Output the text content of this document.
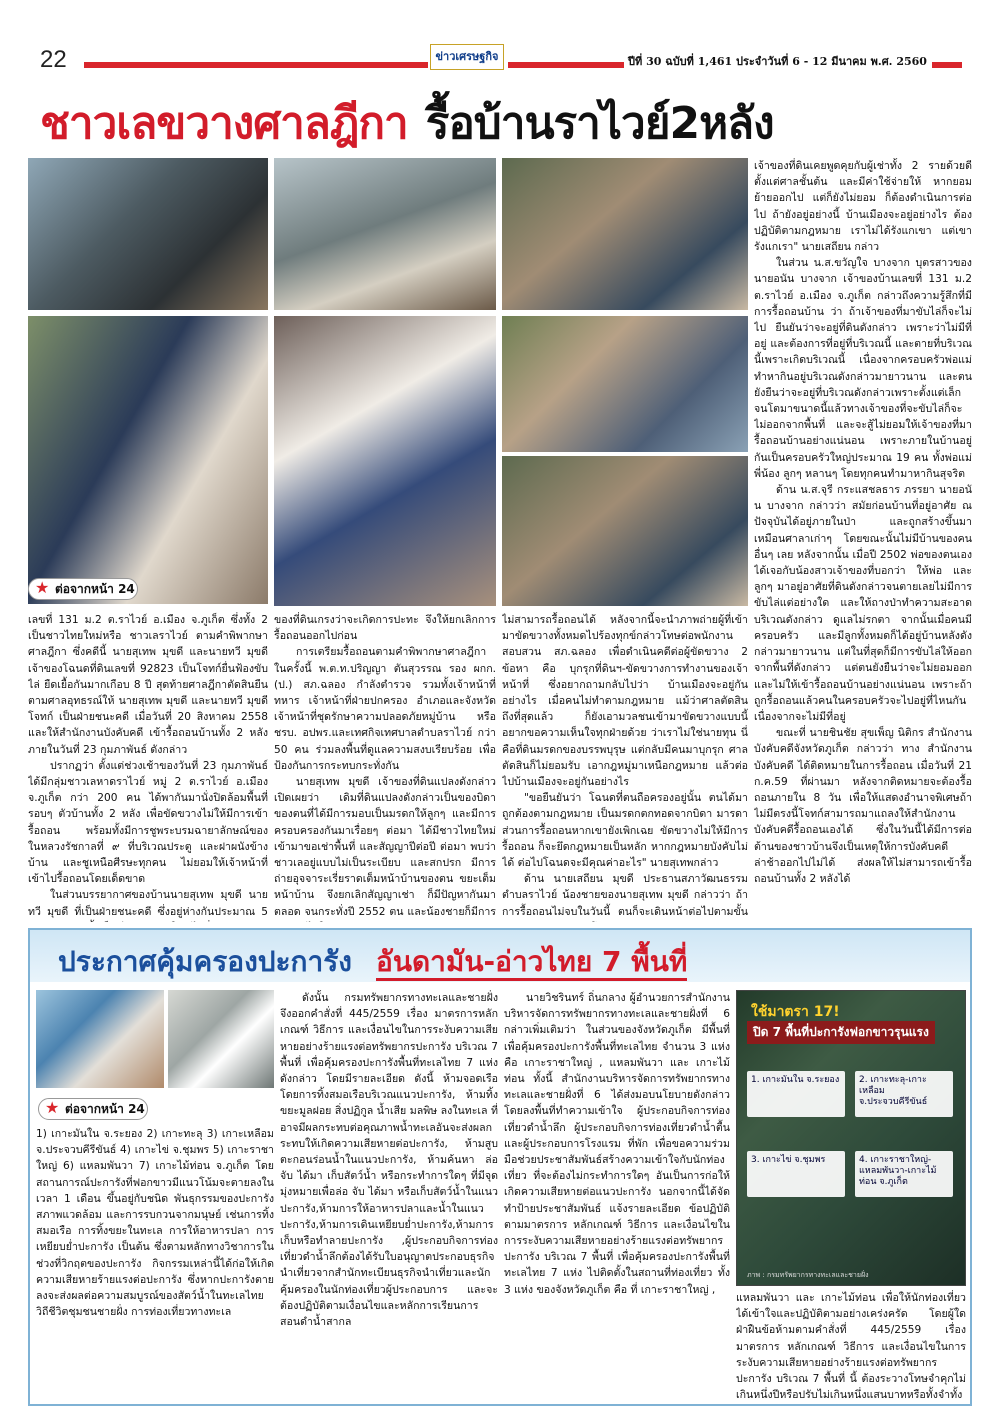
22	ข่าวเศรษฐกิจ	ปีที่ 30 ฉบับที่ 1,461 ประจำวันที่ 6 - 12 มีนาคม พ.ศ. 2560
ชาวเลขวางศาลฎีกา รื้อบ้านราไวย์2หลัง
★ ต่อจากหน้า 24

เลขที่ 131 ม.2 ต.ราไวย์ อ.เมือง จ.ภูเก็ต ซึ่งทั้ง 2 เป็นชาวไทยใหม่หรือ ชาวเลราไวย์ ตามคำพิพากษา ศาลฎีกา ซึ่งคดีนี้ นายสุเทพ มุขดี และนายทวี มุขดี เจ้าของโฉนดที่ดินเลขที่ 92823 เป็นโจทก์ยื่นฟ้องขับไล่ ยืดเยื้อกันมากเกือบ 8 ปี สุดท้ายศาลฎีกาตัดสินยืนตามศาลอุทธรณ์ให้ นายสุเทพ มุขดี และนายทวี มุขดี โจทก์ เป็นฝ่ายชนะคดี เมื่อวันที่ 20 สิงหาคม 2558 และให้สำนักงานบังคับคดี เข้ารื้อถอนบ้านทั้ง 2 หลังภายในวันที่ 23 กุมภาพันธ์ ดังกล่าว

ปรากฏว่า ตั้งแต่ช่วงเช้าของวันที่ 23 กุมภาพันธ์ ได้มีกลุ่มชาวเลหาดราไวย์ หมู่ 2 ต.ราไวย์ อ.เมือง จ.ภูเก็ต กว่า 200 คน ได้พากันมานั่งปิดล้อมพื้นที่รอบๆ ตัวบ้านทั้ง 2 หลัง เพื่อขัดขวางไม่ให้มีการเข้ารื้อถอน พร้อมทั้งมีการชูพระบรมฉายาลักษณ์ของในหลวงรัชกาลที่ ๙ ที่บริเวณประตู และฝาผนังข้างบ้าน และชูเหนือศีรษะทุกคน ไม่ยอมให้เจ้าหน้าที่เข้าไปรื้อถอนโดยเด็ดขาด

ในส่วนบรรยากาศของบ้านนายสุเทพ มุขดี นายทวี มุขดี ที่เป็นฝ่ายชนะคดี ซึ่งอยู่ห่างกันประมาณ 5

ของที่ดินเกรงว่าจะเกิดการปะทะ จึงให้ยกเลิกการรื้อถอนออกไปก่อน

การเตรียมรื้อถอนตามคำพิพากษาศาลฎีกาในครั้งนี้ พ.ต.ท.ปริญญา ตันสุวรรณ รอง ผกก.(ป.) สภ.ฉลอง กำลังตำรวจ รวมทั้งเจ้าหน้าที่ทหาร เจ้าหน้าที่ฝ่ายปกครอง อำเภอและจังหวัด เจ้าหน้าที่ชุดรักษาความปลอดภัยหมู่บ้าน หรือ ชรบ. อปพร.และเทศกิจเทศบาลตำบลราไวย์ กว่า 50 คน ร่วมลงพื้นที่ดูแลความสงบเรียบร้อย เพื่อป้องกันการกระทบกระทั่งกัน

นายสุเทพ มุขดี เจ้าของที่ดินแปลงดังกล่าวเปิดเผยว่า เดิมที่ดินแปลงดังกล่าวเป็นของบิดาของตนที่ได้มีการมอบเป็นมรดกให้ลูกๆ และมีการครอบครองกันมาเรื่อยๆ ต่อมา ได้มีชาวไทยใหม่เข้ามาขอเช่าพื้นที่ และสัญญาปีต่อปี ต่อมา พบว่าชาวเลอยู่แบบไม่เป็นระเบียบ และสกปรก มีการถ่ายอุจจาระเรี่ยราดเต็มหน้าบ้านของตน ขยะเต็มหน้าบ้าน จึงยกเลิกสัญญาเช่า ก็มีปัญหากันมาตลอด จนกระทั่งปี 2552 ตน และน้องชายก็มีการ

ไม่สามารถรื้อถอนได้ หลังจากนี้จะนำภาพถ่ายผู้ที่เข้ามาขัดขวางทั้งหมดไปร้องทุกข์กล่าวโทษต่อพนักงานสอบสวน สภ.ฉลอง เพื่อดำเนินคดีต่อผู้ขัดขวาง 2 ข้อหา คือ บุกรุกที่ดินฯ-ขัดขวางการทำงานของเจ้าหน้าที่ ซึ่งอยากถามกลับไปว่า บ้านเมืองจะอยู่กันอย่างไร เมื่อคนไม่ทำตามกฎหมาย แม้ว่าศาลตัดสินถึงที่สุดแล้ว ก็ยังเอามวลชนเข้ามาขัดขวางแบบนี้ อยากขอความเห็นใจทุกฝ่ายด้วย ว่าเราไม่ใช่นายทุน นี่คือที่ดินมรดกของบรรพบุรุษ แต่กลับมีคนมาบุกรุก ศาลตัดสินก็ไม่ยอมรับ เอากฎหมู่มาเหนือกฎหมาย แล้วต่อไปบ้านเมืองจะอยู่กันอย่างไร

"ขอยืนยันว่า โฉนดที่ตนถือครองอยู่นั้น ตนได้มาถูกต้องตามกฎหมาย เป็นมรดกตกทอดจากบิดา มารดา ส่วนการรื้อถอนหากเขายังเพิกเฉย ขัดขวางไม่ให้มีการรื้อถอน ก็จะยึดกฎหมายเป็นหลัก หากกฎหมายบังคับไม่ได้ ต่อไปโฉนดจะมีคุณค่าอะไร" นายสุเทพกล่าว

ด้าน นายเสถียน มุขดี ประธานสภาวัฒนธรรม ตำบลราไวย์ น้องชายของนายสุเทพ มุขดี กล่าวว่า ถ้าการรื้อถอนไม่จบในวันนี้ ตนก็จะเดินหน้าต่อไปตามขั้น

เจ้าของที่ดินเคยพูดคุยกับผู้เช่าทั้ง 2 รายด้วยดีตั้งแต่ศาลชั้นต้น และมีค่าใช้จ่ายให้ หากยอมย้ายออกไป แต่ก็ยังไม่ยอม ก็ต้องดำเนินการต่อไป ถ้ายังอยู่อย่างนี้ บ้านเมืองจะอยู่อย่างไร ต้องปฏิบัติตามกฎหมาย เราไม่ได้รังแกเขา แต่เขารังแกเรา" นายเสถียน กล่าว

ในส่วน น.ส.ขวัญใจ บางจาก บุตรสาวของ นายอนัน บางจาก เจ้าของบ้านเลขที่ 131 ม.2 ต.ราไวย์ อ.เมือง จ.ภูเก็ต กล่าวถึงความรู้สึกที่มีการรื้อถอนบ้าน ว่า ถ้าเจ้าของที่มาขับไล่ก็จะไม่ไป ยืนยันว่าจะอยู่ที่ดินดังกล่าว เพราะว่าไม่มีที่อยู่ และต้องการที่อยู่ที่บริเวณนี้ และตายที่บริเวณนี้เพราะเกิดบริเวณนี้ เนื่องจากครอบครัวพ่อแม่ทำหากินอยู่บริเวณดังกล่าวมายาวนาน และตนยังยืนว่าจะอยู่ที่บริเวณดังกล่าวเพราะตั้งแต่เล็กจนโตมาขนาดนี้แล้วทางเจ้าของที่จะขับไล่ก็จะไม่ออกจากพื้นที่ และจะสู้ไม่ยอมให้เจ้าของที่มารื้อถอนบ้านอย่างแน่นอน เพราะภายในบ้านอยู่กันเป็นครอบครัวใหญ่ประมาณ 19 คน ทั้งพ่อแม่ พี่น้อง ลูกๆ หลานๆ โดยทุกคนทำมาหากินสุจริต

ด้าน น.ส.จุรี กระแสชลธาร ภรรยา นายอนัน บางจาก กล่าวว่า สมัยก่อนบ้านที่อยู่อาศัย ณ ปัจจุบันได้อยู่ภายในป่า และถูกสร้างขึ้นมาเหมือนศาลาเก่าๆ โดยขณะนั้นไม่มีบ้านของคนอื่นๆ เลย หลังจากนั้น เมื่อปี 2502 พ่อของตนเองได้เจอกับน้องสาวเจ้าของที่บอกว่า ให้พ่อ และลูกๆ มาอยู่อาศัยที่ดินดังกล่าวจนตายเลยไม่มีการขับไล่แต่อย่างใด และให้ถางป่าทำความสะอาดบริเวณดังกล่าว ดูแลไม่รกตา จากนั้นเมื่อคนมีครอบครัว และมีลูกทั้งหมดก็ได้อยู่บ้านหลังดังกล่าวมายาวนาน แต่ในที่สุดก็มีการขับไล่ให้ออกจากพื้นที่ดังกล่าว แต่ตนยังยืนว่าจะไม่ยอมออกและไม่ให้เข้ารื้อถอนบ้านอย่างแน่นอน เพราะถ้าถูกรื้อถอนแล้วคนในครอบครัวจะไปอยู่ที่ไหนกันเนื่องจากจะไม่มีที่อยู่

ขณะที่ นายชินชัย สุขเพ็ญ นิติกร สำนักงานบังคับคดีจังหวัดภูเก็ต กล่าวว่า ทาง สำนักงานบังคับคดี ได้ติดหมายในการรื้อถอน เมื่อวันที่ 21 ก.ค.59 ที่ผ่านมา หลังจากติดหมายจะต้องรื้อถอนภายใน 8 วัน เพื่อให้แสดงอำนาจพิเศษถ้าไม่มีตรงนี้โจทก์สามารถมาแถลงให้สำนักงานบังคับคดีรื้อถอนเองได้ ซึ่งในวันนี้ได้มีการต่อต้านของชาวบ้านจึงเป็นเหตุให้การบังคับคดีล่าช้าออกไปไม่ได้ ส่งผลให้ไม่สามารถเข้ารื้อถอนบ้านทั้ง 2 หลังได้

ประกาศคุ้มครองปะการัง อันดามัน-อ่าวไทย 7 พื้นที่
★ ต่อจากหน้า 24

1) เกาะมันใน จ.ระยอง 2) เกาะทะลุ 3) เกาะเหลือม จ.ประจวบคีรีขันธ์ 4) เกาะไข่ จ.ชุมพร 5) เกาะราชาใหญ่ 6) แหลมพันวา 7) เกาะไม้ท่อน จ.ภูเก็ต โดยสถานการณ์ปะการังที่ฟอกขาวมีแนวโน้มจะตายลงในเวลา 1 เดือน ขึ้นอยู่กับชนิด พันธุกรรมของปะการัง สภาพแวดล้อม และการรบกวนจากมนุษย์ เช่นการทิ้งสมอเรือ การทิ้งขยะในทะเล การให้อาหารปลา การเหยียบย่ำปะการัง เป็นต้น ซึ่งตามหลักทางวิชาการในช่วงที่วิกฤตของปะการัง กิจกรรมเหล่านี้ได้ก่อให้เกิดความเสียหายร้ายแรงต่อปะการัง ซึ่งหากปะการังตายลงจะส่งผลต่อความสมบูรณ์ของสัตว์น้ำในทะเลไทย วิถีชีวิตชุมชนชายฝั่ง การท่องเที่ยวทางทะเล

ดังนั้น กรมทรัพยากรทางทะเลและชายฝั่ง จึงออกคำสั่งที่ 445/2559 เรื่อง มาตรการหลักเกณฑ์ วิธีการ และเงื่อนไขในการระงับความเสียหายอย่างร้ายแรงต่อทรัพยากรปะการัง บริเวณ 7 พื้นที่ เพื่อคุ้มครองปะการังพื้นที่ทะเลไทย 7 แห่ง ดังกล่าว โดยมีรายละเอียด ดังนี้ ห้ามจอดเรือโดยการทิ้งสมอเรือบริเวณแนวปะการัง, ห้ามทิ้งขยะมูลฝอย สิ่งปฏิกูล น้ำเสีย มลพิษ ลงในทะเล ที่อาจมีผลกระทบต่อคุณภาพน้ำทะเลอันจะส่งผลกระทบให้เกิดความเสียหายต่อปะการัง, ห้ามสูบตะกอนร่อนน้ำในแนวปะการัง, ห้ามค้นหา ล่อ จับ ได้มา เก็บสัตว์น้ำ หรือกระทำการใดๆ ที่มีจุดมุ่งหมายเพื่อล่อ จับ ได้มา หรือเก็บสัตว์น้ำในแนวปะการัง,ห้ามการให้อาหารปลาและน้ำในแนวปะการัง,ห้ามการเดินเหยียบย่ำปะการัง,ห้ามการเก็บหรือทำลายปะการัง ,ผู้ประกอบกิจการท่องเที่ยวดำน้ำลึกต้องได้รับใบอนุญาตประกอบธุรกิจนำเที่ยวจากสำนักทะเบียนธุรกิจนำเที่ยวและนักคุ้มครองในนักท่องเที่ยวผู้ประกอบการ และจะต้องปฏิบัติตามเงื่อนไขและหลักการเรียนการสอนดำน้ำสากล

นายวิชรินทร์ ถิ่นกลาง ผู้อำนวยการสำนักงานบริหารจัดการทรัพยากรทางทะเลและชายฝั่งที่ 6 กล่าวเพิ่มเติมว่า ในส่วนของจังหวัดภูเก็ต มีพื้นที่เพื่อคุ้มครองปะการังพื้นที่ทะเลไทย จำนวน 3 แห่ง คือ เกาะราชาใหญ่ , แหลมพันวา และ เกาะไม้ท่อน ทั้งนี้ สำนักงานบริหารจัดการทรัพยากรทางทะเลและชายฝั่งที่ 6 ได้ส่งมอบนโยบายดังกล่าว โดยลงพื้นที่ทำความเข้าใจ ผู้ประกอบกิจการท่องเที่ยวดำน้ำลึก ผู้ประกอบกิจการท่องเที่ยวดำน้ำตื้น และผู้ประกอบการโรงแรม ที่พัก เพื่อขอความร่วมมือช่วยประชาสัมพันธ์สร้างความเข้าใจกับนักท่องเที่ยว ที่จะต้องไม่กระทำการใดๆ อันเป็นการก่อให้เกิดความเสียหายต่อแนวปะการัง นอกจากนี้ได้จัดทำป้ายประชาสัมพันธ์ แจ้งรายละเอียด ข้อปฏิบัติ ตามมาตรการ หลักเกณฑ์ วิธีการ และเงื่อนไขในการระงับความเสียหายอย่างร้ายแรงต่อทรัพยากรปะการัง บริเวณ 7 พื้นที่ เพื่อคุ้มครองปะการังพื้นที่ทะเลไทย 7 แห่ง ไปติดตั้งในสถานที่ท่องเที่ยว ทั้ง 3 แห่ง ของจังหวัดภูเก็ต คือ ที่ เกาะราชาใหญ่ ,

แหลมพันวา และ เกาะไม้ท่อน เพื่อให้นักท่องเที่ยว ได้เข้าใจและปฏิบัติตามอย่างเคร่งครัด โดยผู้ใดฝ่าฝืนข้อห้ามตามคำสั่งที่ 445/2559 เรื่อง มาตรการ หลักเกณฑ์ วิธีการ และเงื่อนไขในการระงับความเสียหายอย่างร้ายแรงต่อทรัพยากรปะการัง บริเวณ 7 พื้นที่ นี้ ต้องระวางโทษจำคุกไม่เกินหนึ่งปีหรือปรับไม่เกินหนึ่งแสนบาทหรือทั้งจำทั้ง

ใช้มาตรา 17!
ปิด 7 พื้นที่ปะการังฟอกขาวรุนแรง
1. เกาะมันใน จ.ระยอง	2. เกาะทะลุ-เกาะเหลือม จ.ประจวบคีรีขันธ์
3. เกาะไข่ จ.ชุมพร	4. เกาะราชาใหญ่-แหลมพันวา-เกาะไม้ท่อน จ.ภูเก็ต
ภาพ : กรมทรัพยากรทางทะเลและชายฝั่ง
